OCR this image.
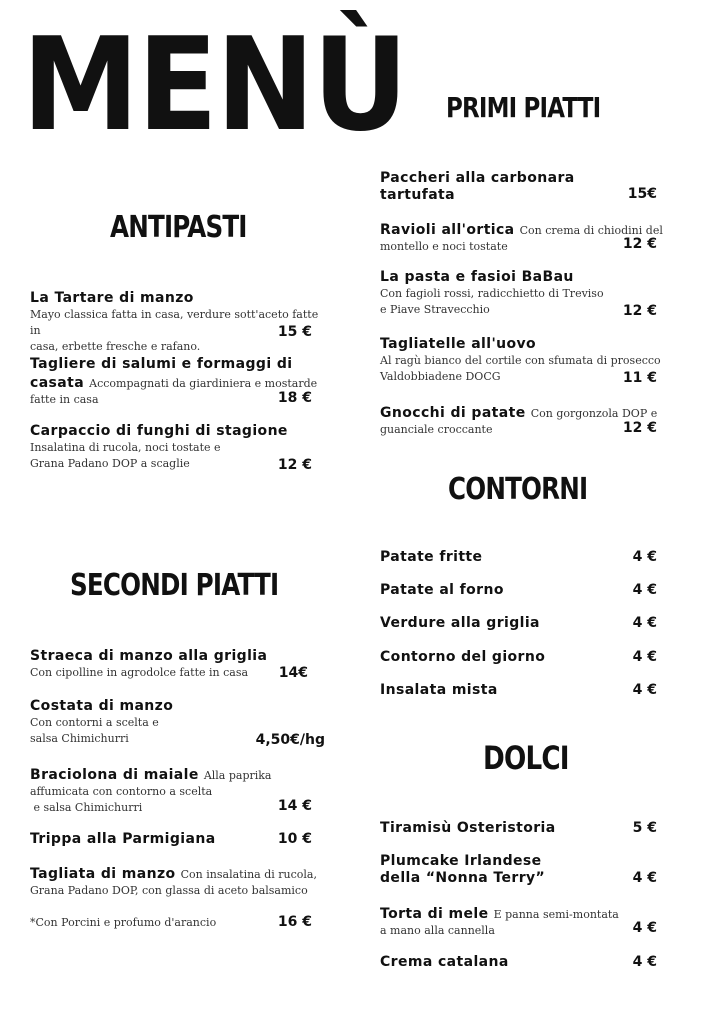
MENÙ
ANTIPASTI
La Tartare di manzo
Mayo classica fatta in casa, verdure sott'aceto fatte in
casa, erbette fresche e rafano.
15 €
Tagliere di salumi e formaggi di
casata Accompagnati da giardiniera e mostarde
fatte in casa	18 €
Carpaccio di funghi di stagione
Insalatina di rucola, noci tostate e
Grana Padano DOP a scaglie	12 €
SECONDI PIATTI
Straeca di manzo alla griglia
Con cipolline in agrodolce fatte in casa	14€
Costata di manzo
Con contorni a scelta e
salsa Chimichurri	4,50€/hg
Braciolona di maiale Alla paprika
affumicata con contorno a scelta
e salsa Chimichurri	14 €
Trippa alla Parmigiana	10 €
Tagliata di manzo Con insalatina di rucola,
Grana Padano DOP, con glassa di aceto balsamico
*Con Porcini e profumo d'arancio	16 €
PRIMI PIATTI
Paccheri alla carbonara
tartufata	15€
Ravioli all'ortica Con crema di chiodini del
montello e noci tostate	12 €
La pasta e fasioi BaBau
Con fagioli rossi, radicchietto di Treviso
e Piave Stravecchio	12 €
Tagliatelle all'uovo
Al ragù bianco del cortile con sfumata di prosecco
Valdobbiadene DOCG	11 €
Gnocchi di patate Con gorgonzola DOP e
guanciale croccante	12 €
CONTORNI
Patate fritte	4 €
Patate al forno	4 €
Verdure alla griglia	4 €
Contorno del giorno	4 €
Insalata mista	4 €
DOLCI
Tiramisù Osteristoria	5 €
Plumcake Irlandese
della “Nonna Terry”	4 €
Torta di mele E panna semi-montata
a mano alla cannella	4 €
Crema catalana	4 €
